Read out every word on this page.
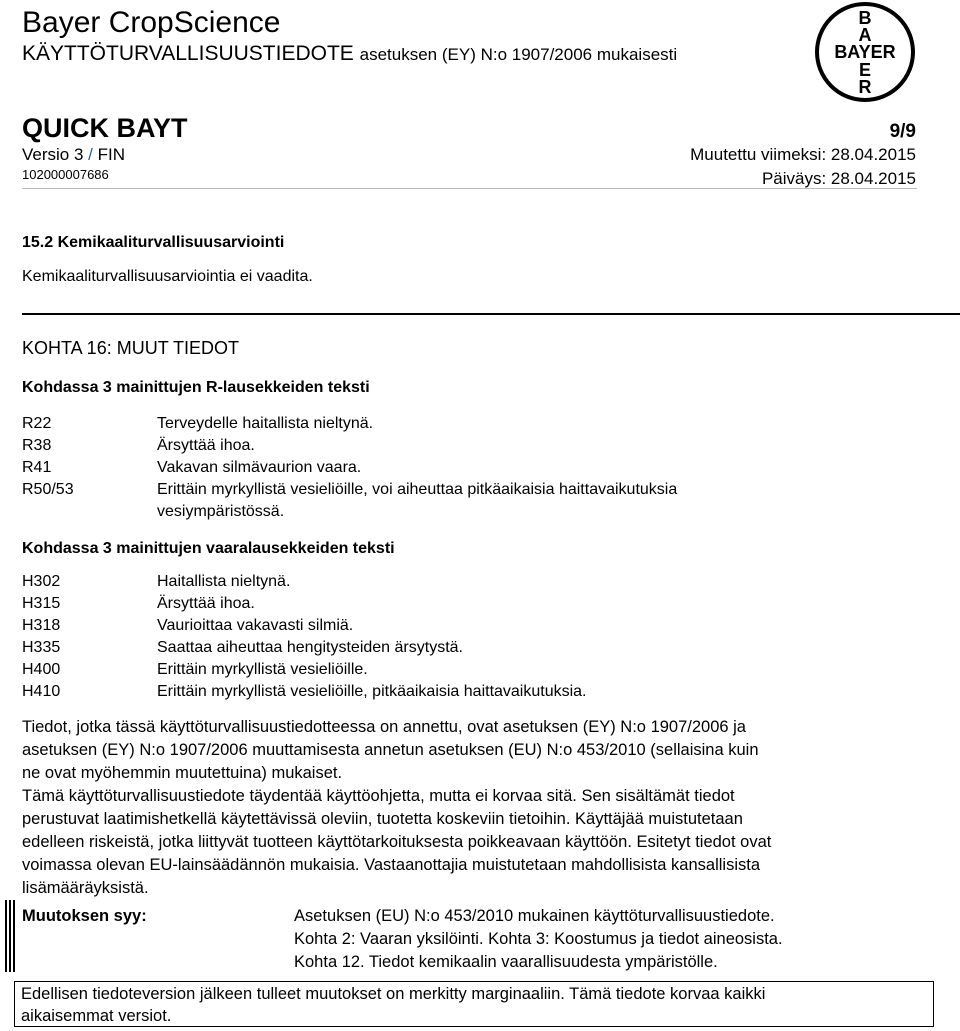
Bayer CropScience
KÄYTTÖTURVALLISUUSTIEDOTE asetuksen (EY) N:o 1907/2006 mukaisesti
B
A
BAYER
E
R
QUICK BAYT	9/9
Versio 3 / FIN
102000007686
Muutettu viimeksi: 28.04.2015
Päiväys: 28.04.2015
15.2 Kemikaaliturvallisuusarviointi
Kemikaaliturvallisuusarviointia ei vaadita.
KOHTA 16: MUUT TIEDOT
Kohdassa 3 mainittujen R-lausekkeiden teksti
R22	Terveydelle haitallista nieltynä.
R38	Ärsyttää ihoa.
R41	Vakavan silmävaurion vaara.
R50/53	Erittäin myrkyllistä vesieliöille, voi aiheuttaa pitkäaikaisia haittavaikutuksia
vesiympäristössä.
Kohdassa 3 mainittujen vaaralausekkeiden teksti
H302	Haitallista nieltynä.
H315	Ärsyttää ihoa.
H318	Vaurioittaa vakavasti silmiä.
H335	Saattaa aiheuttaa hengitysteiden ärsytystä.
H400	Erittäin myrkyllistä vesieliöille.
H410	Erittäin myrkyllistä vesieliöille, pitkäaikaisia haittavaikutuksia.
Tiedot, jotka tässä käyttöturvallisuustiedotteessa on annettu, ovat asetuksen (EY) N:o 1907/2006 ja
asetuksen (EY) N:o 1907/2006 muuttamisesta annetun asetuksen (EU) N:o 453/2010 (sellaisina kuin
ne ovat myöhemmin muutettuina) mukaiset.
Tämä käyttöturvallisuustiedote täydentää käyttöohjetta, mutta ei korvaa sitä. Sen sisältämät tiedot
perustuvat laatimishetkellä käytettävissä oleviin, tuotetta koskeviin tietoihin. Käyttäjää muistutetaan
edelleen riskeistä, jotka liittyvät tuotteen käyttötarkoituksesta poikkeavaan käyttöön. Esitetyt tiedot ovat
voimassa olevan EU-lainsäädännön mukaisia. Vastaanottajia muistutetaan mahdollisista kansallisista
lisämääräyksistä.
Muutoksen syy:	Asetuksen (EU) N:o 453/2010 mukainen käyttöturvallisuustiedote.
Kohta 2: Vaaran yksilöinti. Kohta 3: Koostumus ja tiedot aineosista.
Kohta 12. Tiedot kemikaalin vaarallisuudesta ympäristölle.
Edellisen tiedoteversion jälkeen tulleet muutokset on merkitty marginaaliin. Tämä tiedote korvaa kaikki
aikaisemmat versiot.
